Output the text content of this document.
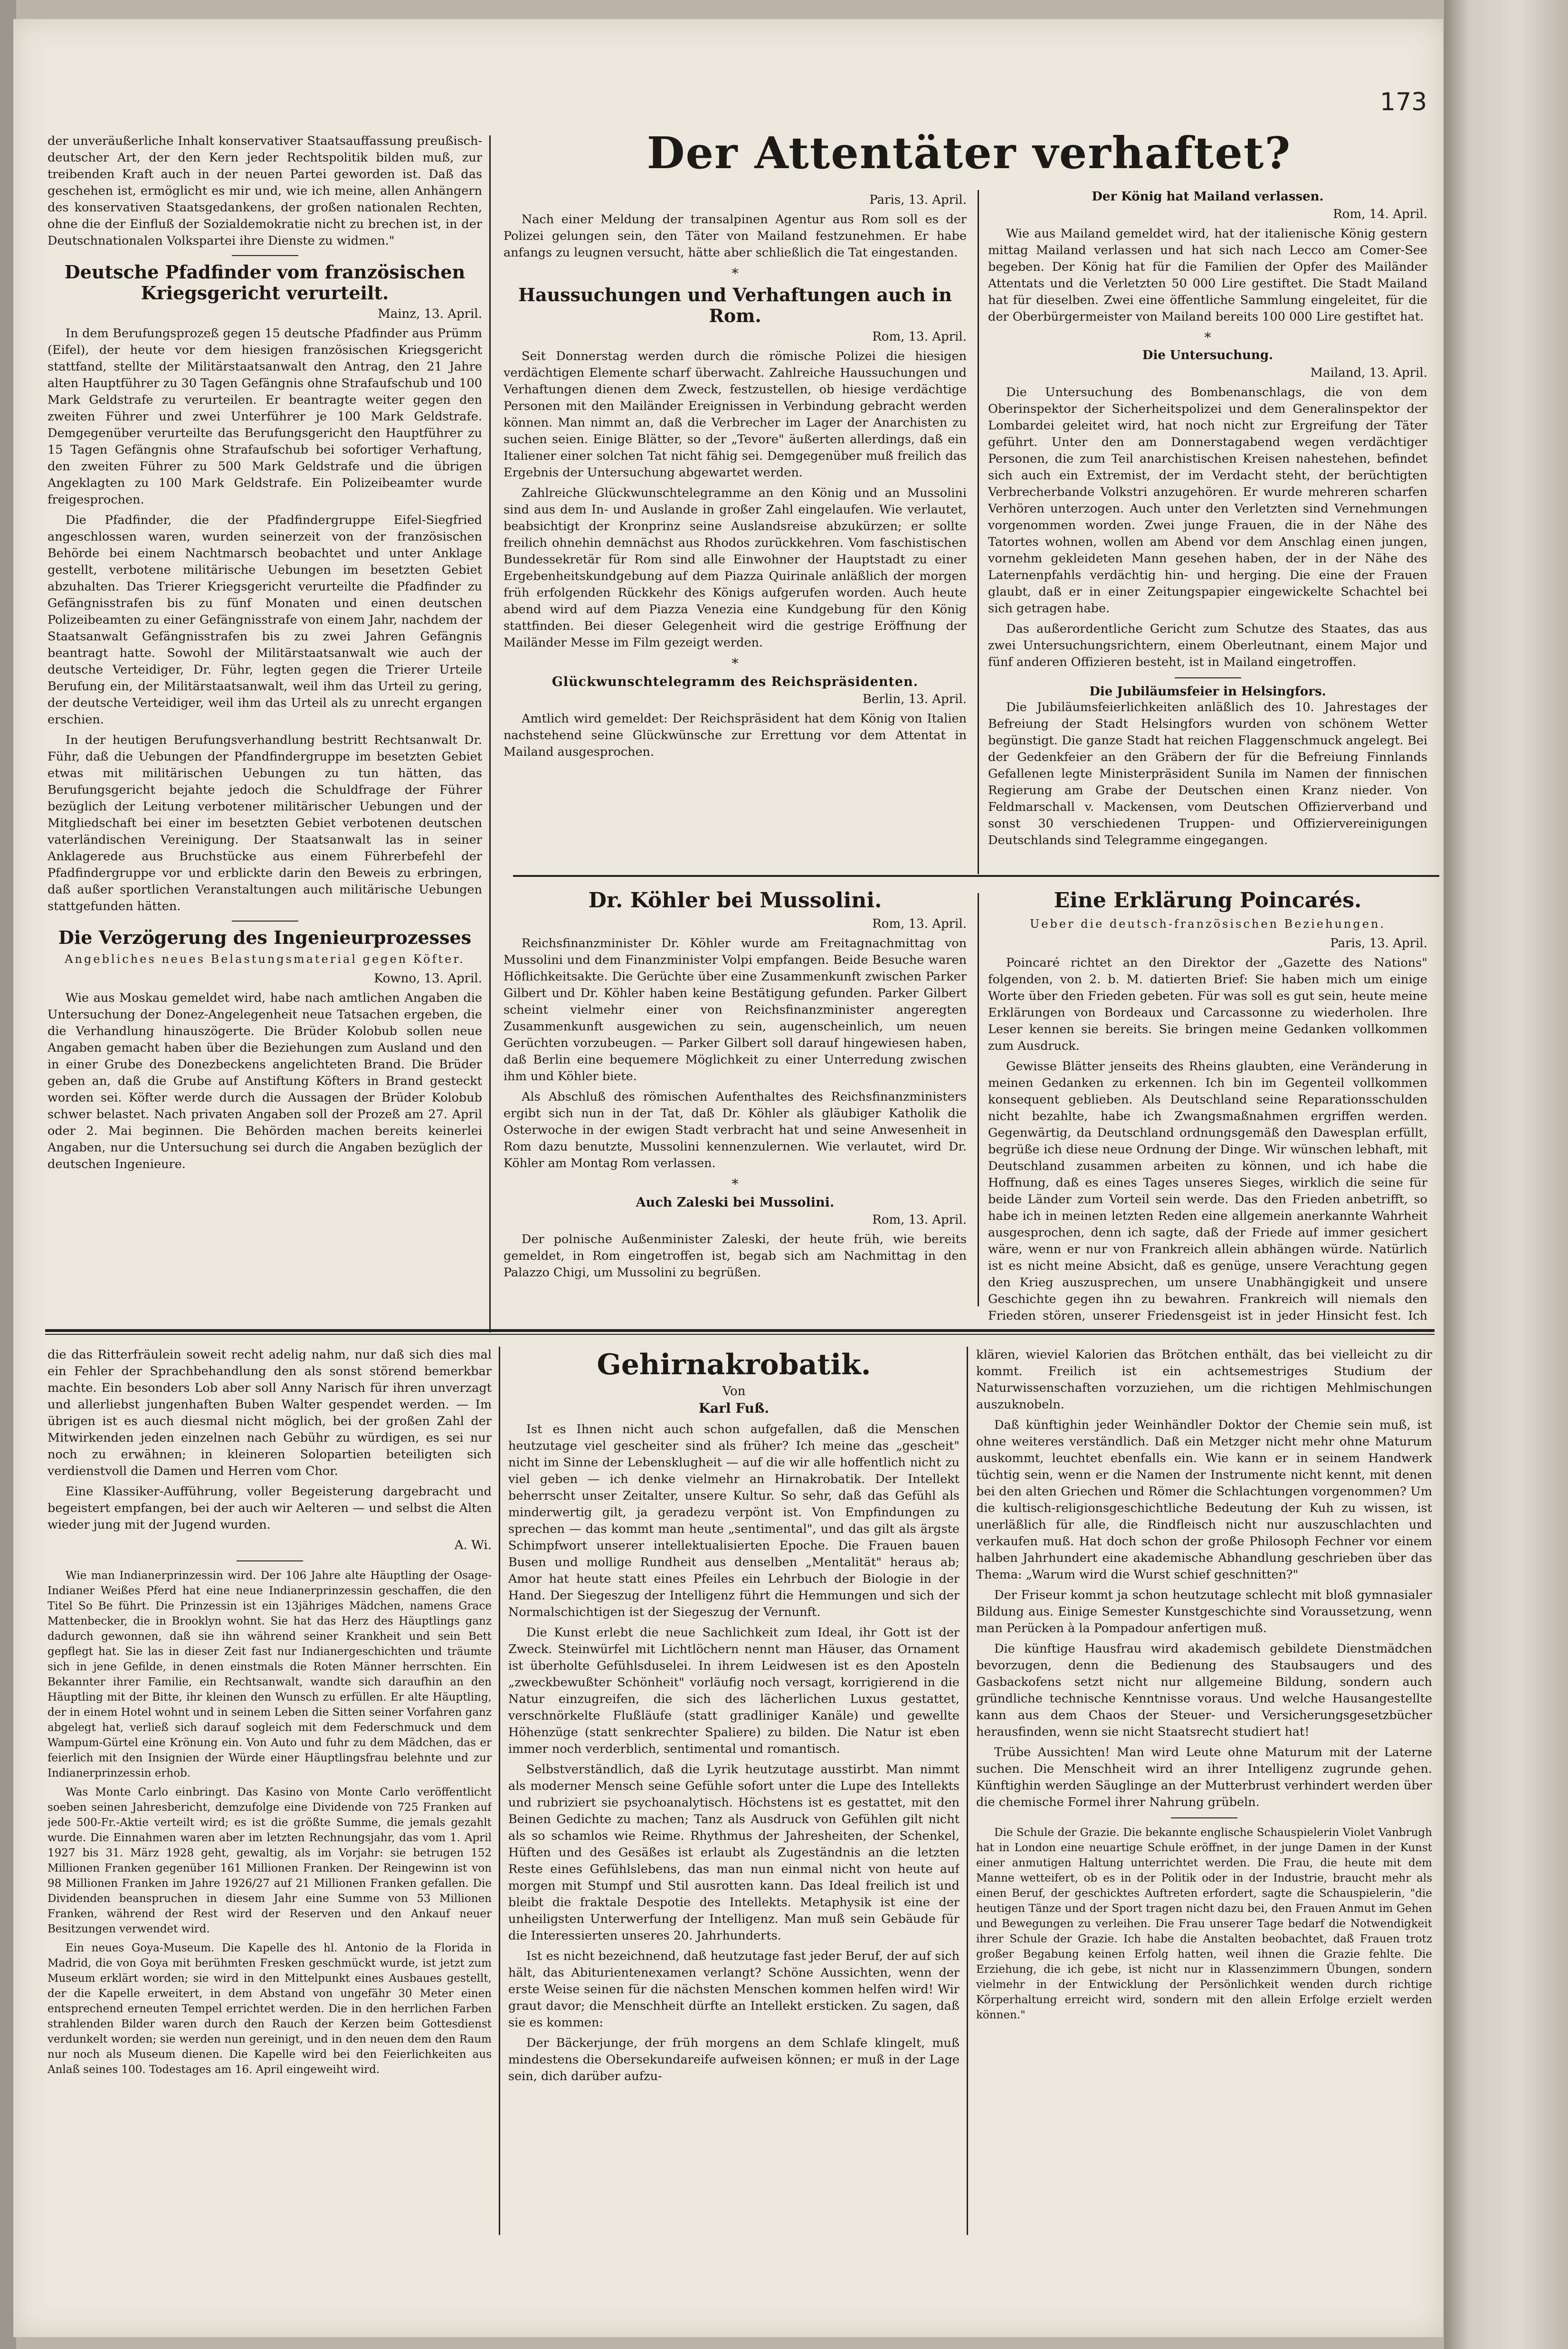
173

der unveräußerliche Inhalt konservativer Staatsauffassung preußisch-deutscher Art, der den Kern jeder Rechtspolitik bilden muß, zur treibenden Kraft auch in der neuen Partei geworden ist. Daß das geschehen ist, ermöglicht es mir und, wie ich meine, allen Anhängern des konservativen Staatsgedankens, der großen nationalen Rechten, ohne die der Einfluß der Sozialdemokratie nicht zu brechen ist, in der Deutschnationalen Volkspartei ihre Dienste zu widmen."

Deutsche Pfadfinder vom französischen Kriegsgericht verurteilt.
Mainz, 13. April.

In dem Berufungsprozeß gegen 15 deutsche Pfadfinder aus Prümm (Eifel), der heute vor dem hiesigen französischen Kriegsgericht stattfand, stellte der Militärstaatsanwalt den Antrag, den 21 Jahre alten Hauptführer zu 30 Tagen Gefängnis ohne Strafaufschub und 100 Mark Geldstrafe zu verurteilen. Er beantragte weiter gegen den zweiten Führer und zwei Unterführer je 100 Mark Geldstrafe. Demgegenüber verurteilte das Berufungsgericht den Hauptführer zu 15 Tagen Gefängnis ohne Strafaufschub bei sofortiger Verhaftung, den zweiten Führer zu 500 Mark Geldstrafe und die übrigen Angeklagten zu 100 Mark Geldstrafe. Ein Polizeibeamter wurde freigesprochen.

Die Pfadfinder, die der Pfadfindergruppe Eifel-Siegfried angeschlossen waren, wurden seinerzeit von der französischen Behörde bei einem Nachtmarsch beobachtet und unter Anklage gestellt, verbotene militärische Uebungen im besetzten Gebiet abzuhalten. Das Trierer Kriegsgericht verurteilte die Pfadfinder zu Gefängnisstrafen bis zu fünf Monaten und einen deutschen Polizeibeamten zu einer Gefängnisstrafe von einem Jahr, nachdem der Staatsanwalt Gefängnisstrafen bis zu zwei Jahren Gefängnis beantragt hatte. Sowohl der Militärstaatsanwalt wie auch der deutsche Verteidiger, Dr. Führ, legten gegen die Trierer Urteile Berufung ein, der Militärstaatsanwalt, weil ihm das Urteil zu gering, der deutsche Verteidiger, weil ihm das Urteil als zu unrecht ergangen erschien.

In der heutigen Berufungsverhandlung bestritt Rechtsanwalt Dr. Führ, daß die Uebungen der Pfandfindergruppe im besetzten Gebiet etwas mit militärischen Uebungen zu tun hätten, das Berufungsgericht bejahte jedoch die Schuldfrage der Führer bezüglich der Leitung verbotener militärischer Uebungen und der Mitgliedschaft bei einer im besetzten Gebiet verbotenen deutschen vaterländischen Vereinigung. Der Staatsanwalt las in seiner Anklagerede aus Bruchstücke aus einem Führerbefehl der Pfadfindergruppe vor und erblickte darin den Beweis zu erbringen, daß außer sportlichen Veranstaltungen auch militärische Uebungen stattgefunden hätten.

Die Verzögerung des Ingenieurprozesses
Angebliches neues Belastungsmaterial gegen Köfter.
Kowno, 13. April.

Wie aus Moskau gemeldet wird, habe nach amtlichen Angaben die Untersuchung der Donez-Angelegenheit neue Tatsachen ergeben, die die Verhandlung hinauszögerte. Die Brüder Kolobub sollen neue Angaben gemacht haben über die Beziehungen zum Ausland und den in einer Grube des Donezbeckens angelichteten Brand. Die Brüder geben an, daß die Grube auf Anstiftung Köfters in Brand gesteckt worden sei. Köfter werde durch die Aussagen der Brüder Kolobub schwer belastet. Nach privaten Angaben soll der Prozeß am 27. April oder 2. Mai beginnen. Die Behörden machen bereits keinerlei Angaben, nur die Untersuchung sei durch die Angaben bezüglich der deutschen Ingenieure.

Der Attentäter verhaftet?
Paris, 13. April.

Nach einer Meldung der transalpinen Agentur aus Rom soll es der Polizei gelungen sein, den Täter von Mailand festzunehmen. Er habe anfangs zu leugnen versucht, hätte aber schließlich die Tat eingestanden.

*
Haussuchungen und Verhaftungen auch in Rom.
Rom, 13. April.

Seit Donnerstag werden durch die römische Polizei die hiesigen verdächtigen Elemente scharf überwacht. Zahlreiche Haussuchungen und Verhaftungen dienen dem Zweck, festzustellen, ob hiesige verdächtige Personen mit den Mailänder Ereignissen in Verbindung gebracht werden können. Man nimmt an, daß die Verbrecher im Lager der Anarchisten zu suchen seien. Einige Blätter, so der „Tevore" äußerten allerdings, daß ein Italiener einer solchen Tat nicht fähig sei. Demgegenüber muß freilich das Ergebnis der Untersuchung abgewartet werden.

Zahlreiche Glückwunschtelegramme an den König und an Mussolini sind aus dem In- und Auslande in großer Zahl eingelaufen. Wie verlautet, beabsichtigt der Kronprinz seine Auslandsreise abzukürzen; er sollte freilich ohnehin demnächst aus Rhodos zurückkehren. Vom faschistischen Bundessekretär für Rom sind alle Einwohner der Hauptstadt zu einer Ergebenheitskundgebung auf dem Piazza Quirinale anläßlich der morgen früh erfolgenden Rückkehr des Königs aufgerufen worden. Auch heute abend wird auf dem Piazza Venezia eine Kundgebung für den König stattfinden. Bei dieser Gelegenheit wird die gestrige Eröffnung der Mailänder Messe im Film gezeigt werden.

*
Glückwunschtelegramm des Reichspräsidenten.
Berlin, 13. April.

Amtlich wird gemeldet: Der Reichspräsident hat dem König von Italien nachstehend seine Glückwünsche zur Errettung vor dem Attentat in Mailand ausgesprochen.

Der König hat Mailand verlassen.
Rom, 14. April.

Wie aus Mailand gemeldet wird, hat der italienische König gestern mittag Mailand verlassen und hat sich nach Lecco am Comer-See begeben. Der König hat für die Familien der Opfer des Mailänder Attentats und die Verletzten 50 000 Lire gestiftet. Die Stadt Mailand hat für dieselben. Zwei eine öffentliche Sammlung eingeleitet, für die der Oberbürgermeister von Mailand bereits 100 000 Lire gestiftet hat.

*
Die Untersuchung.
Mailand, 13. April.

Die Untersuchung des Bombenanschlags, die von dem Oberinspektor der Sicherheitspolizei und dem Generalinspektor der Lombardei geleitet wird, hat noch nicht zur Ergreifung der Täter geführt. Unter den am Donnerstagabend wegen verdächtiger Personen, die zum Teil anarchistischen Kreisen nahestehen, befindet sich auch ein Extremist, der im Verdacht steht, der berüchtigten Verbrecherbande Volkstri anzugehören. Er wurde mehreren scharfen Verhören unterzogen. Auch unter den Verletzten sind Vernehmungen vorgenommen worden. Zwei junge Frauen, die in der Nähe des Tatortes wohnen, wollen am Abend vor dem Anschlag einen jungen, vornehm gekleideten Mann gesehen haben, der in der Nähe des Laternenpfahls verdächtig hin- und herging. Die eine der Frauen glaubt, daß er in einer Zeitungspapier eingewickelte Schachtel bei sich getragen habe.

Das außerordentliche Gericht zum Schutze des Staates, das aus zwei Untersuchungsrichtern, einem Oberleutnant, einem Major und fünf anderen Offizieren besteht, ist in Mailand eingetroffen.

Die Jubiläumsfeier in Helsingfors.

Die Jubiläumsfeierlichkeiten anläßlich des 10. Jahrestages der Befreiung der Stadt Helsingfors wurden von schönem Wetter begünstigt. Die ganze Stadt hat reichen Flaggenschmuck angelegt. Bei der Gedenkfeier an den Gräbern der für die Befreiung Finnlands Gefallenen legte Ministerpräsident Sunila im Namen der finnischen Regierung am Grabe der Deutschen einen Kranz nieder. Von Feldmarschall v. Mackensen, vom Deutschen Offizierverband und sonst 30 verschiedenen Truppen- und Offiziervereinigungen Deutschlands sind Telegramme eingegangen.

Dr. Köhler bei Mussolini.
Rom, 13. April.

Reichsfinanzminister Dr. Köhler wurde am Freitagnachmittag von Mussolini und dem Finanzminister Volpi empfangen. Beide Besuche waren Höflichkeitsakte. Die Gerüchte über eine Zusammenkunft zwischen Parker Gilbert und Dr. Köhler haben keine Bestätigung gefunden. Parker Gilbert scheint vielmehr einer von Reichsfinanzminister angeregten Zusammenkunft ausgewichen zu sein, augenscheinlich, um neuen Gerüchten vorzubeugen. — Parker Gilbert soll darauf hingewiesen haben, daß Berlin eine bequemere Möglichkeit zu einer Unterredung zwischen ihm und Köhler biete.

Als Abschluß des römischen Aufenthaltes des Reichsfinanzministers ergibt sich nun in der Tat, daß Dr. Köhler als gläubiger Katholik die Osterwoche in der ewigen Stadt verbracht hat und seine Anwesenheit in Rom dazu benutzte, Mussolini kennenzulernen. Wie verlautet, wird Dr. Köhler am Montag Rom verlassen.

*
Auch Zaleski bei Mussolini.
Rom, 13. April.

Der polnische Außenminister Zaleski, der heute früh, wie bereits gemeldet, in Rom eingetroffen ist, begab sich am Nachmittag in den Palazzo Chigi, um Mussolini zu begrüßen.

Eine Erklärung Poincarés.
Ueber die deutsch-französischen Beziehungen.
Paris, 13. April.

Poincaré richtet an den Direktor der „Gazette des Nations" folgenden, von 2. b. M. datierten Brief: Sie haben mich um einige Worte über den Frieden gebeten. Für was soll es gut sein, heute meine Erklärungen von Bordeaux und Carcassonne zu wiederholen. Ihre Leser kennen sie bereits. Sie bringen meine Gedanken vollkommen zum Ausdruck.

Gewisse Blätter jenseits des Rheins glaubten, eine Veränderung in meinen Gedanken zu erkennen. Ich bin im Gegenteil vollkommen konsequent geblieben. Als Deutschland seine Reparationsschulden nicht bezahlte, habe ich Zwangsmaßnahmen ergriffen werden. Gegenwärtig, da Deutschland ordnungsgemäß den Dawesplan erfüllt, begrüße ich diese neue Ordnung der Dinge. Wir wünschen lebhaft, mit Deutschland zusammen arbeiten zu können, und ich habe die Hoffnung, daß es eines Tages unseres Sieges, wirklich die seine für beide Länder zum Vorteil sein werde. Das den Frieden anbetrifft, so habe ich in meinen letzten Reden eine allgemein anerkannte Wahrheit ausgesprochen, denn ich sagte, daß der Friede auf immer gesichert wäre, wenn er nur von Frankreich allein abhängen würde. Natürlich ist es nicht meine Absicht, daß es genüge, unsere Verachtung gegen den Krieg auszusprechen, um unsere Unabhängigkeit und unsere Geschichte gegen ihn zu bewahren. Frankreich will niemals den Frieden stören, unserer Friedensgeist ist in jeder Hinsicht fest. Ich

die das Ritterfräulein soweit recht adelig nahm, nur daß sich dies mal ein Fehler der Sprachbehandlung den als sonst störend bemerkbar machte. Ein besonders Lob aber soll Anny Narisch für ihren unverzagt und allerliebst jungenhaften Buben Walter gespendet werden. — Im übrigen ist es auch diesmal nicht möglich, bei der großen Zahl der Mitwirkenden jeden einzelnen nach Gebühr zu würdigen, es sei nur noch zu erwähnen; in kleineren Solopartien beteiligten sich verdienstvoll die Damen und Herren vom Chor.

Eine Klassiker-Aufführung, voller Begeisterung dargebracht und begeistert empfangen, bei der auch wir Aelteren — und selbst die Alten wieder jung mit der Jugend wurden.

A. Wi.

Wie man Indianerprinzessin wird. Der 106 Jahre alte Häuptling der Osage-Indianer Weißes Pferd hat eine neue Indianerprinzessin geschaffen, die den Titel So Be führt. Die Prinzessin ist ein 13jähriges Mädchen, namens Grace Mattenbecker, die in Brooklyn wohnt. Sie hat das Herz des Häuptlings ganz dadurch gewonnen, daß sie ihn während seiner Krankheit und sein Bett gepflegt hat. Sie las in dieser Zeit fast nur Indianergeschichten und träumte sich in jene Gefilde, in denen einstmals die Roten Männer herrschten. Ein Bekannter ihrer Familie, ein Rechtsanwalt, wandte sich daraufhin an den Häuptling mit der Bitte, ihr kleinen den Wunsch zu erfüllen. Er alte Häuptling, der in einem Hotel wohnt und in seinem Leben die Sitten seiner Vorfahren ganz abgelegt hat, verließ sich darauf sogleich mit dem Federschmuck und dem Wampum-Gürtel eine Krönung ein. Von Auto und fuhr zu dem Mädchen, das er feierlich mit den Insignien der Würde einer Häuptlingsfrau belehnte und zur Indianerprinzessin erhob.

Was Monte Carlo einbringt. Das Kasino von Monte Carlo veröffentlicht soeben seinen Jahresbericht, demzufolge eine Dividende von 725 Franken auf jede 500-Fr.-Aktie verteilt wird; es ist die größte Summe, die jemals gezahlt wurde. Die Einnahmen waren aber im letzten Rechnungsjahr, das vom 1. April 1927 bis 31. März 1928 geht, gewaltig, als im Vorjahr: sie betrugen 152 Millionen Franken gegenüber 161 Millionen Franken. Der Reingewinn ist von 98 Millionen Franken im Jahre 1926/27 auf 21 Millionen Franken gefallen. Die Dividenden beanspruchen in diesem Jahr eine Summe von 53 Millionen Franken, während der Rest wird der Reserven und den Ankauf neuer Besitzungen verwendet wird.

Ein neues Goya-Museum. Die Kapelle des hl. Antonio de la Florida in Madrid, die von Goya mit berühmten Fresken geschmückt wurde, ist jetzt zum Museum erklärt worden; sie wird in den Mittelpunkt eines Ausbaues gestellt, der die Kapelle erweitert, in dem Abstand von ungefähr 30 Meter einen entsprechend erneuten Tempel errichtet werden. Die in den herrlichen Farben strahlenden Bilder waren durch den Rauch der Kerzen beim Gottesdienst verdunkelt worden; sie werden nun gereinigt, und in den neuen dem den Raum nur noch als Museum dienen. Die Kapelle wird bei den Feierlichkeiten aus Anlaß seines 100. Todestages am 16. April eingeweiht wird.

Gehirnakrobatik.
Von
Karl Fuß.

Ist es Ihnen nicht auch schon aufgefallen, daß die Menschen heutzutage viel gescheiter sind als früher? Ich meine das „gescheit" nicht im Sinne der Lebensklugheit — auf die wir alle hoffentlich nicht zu viel geben — ich denke vielmehr an Hirnakrobatik. Der Intellekt beherrscht unser Zeitalter, unsere Kultur. So sehr, daß das Gefühl als minderwertig gilt, ja geradezu verpönt ist. Von Empfindungen zu sprechen — das kommt man heute „sentimental", und das gilt als ärgste Schimpfwort unserer intellektualisierten Epoche. Die Frauen bauen Busen und mollige Rundheit aus denselben „Mentalität" heraus ab; Amor hat heute statt eines Pfeiles ein Lehrbuch der Biologie in der Hand. Der Siegeszug der Intelligenz führt die Hemmungen und sich der Normalschichtigen ist der Siegeszug der Vernunft.

Die Kunst erlebt die neue Sachlichkeit zum Ideal, ihr Gott ist der Zweck. Steinwürfel mit Lichtlöchern nennt man Häuser, das Ornament ist überholte Gefühlsduselei. In ihrem Leidwesen ist es den Aposteln „zweckbewußter Schönheit" vorläufig noch versagt, korrigierend in die Natur einzugreifen, die sich des lächerlichen Luxus gestattet, verschnörkelte Flußläufe (statt gradliniger Kanäle) und gewellte Höhenzüge (statt senkrechter Spaliere) zu bilden. Die Natur ist eben immer noch verderblich, sentimental und romantisch.

Selbstverständlich, daß die Lyrik heutzutage ausstirbt. Man nimmt als moderner Mensch seine Gefühle sofort unter die Lupe des Intellekts und rubriziert sie psychoanalytisch. Höchstens ist es gestattet, mit den Beinen Gedichte zu machen; Tanz als Ausdruck von Gefühlen gilt nicht als so schamlos wie Reime. Rhythmus der Jahresheiten, der Schenkel, Hüften und des Gesäßes ist erlaubt als Zugeständnis an die letzten Reste eines Gefühlslebens, das man nun einmal nicht von heute auf morgen mit Stumpf und Stil ausrotten kann. Das Ideal freilich ist und bleibt die fraktale Despotie des Intellekts. Metaphysik ist eine der unheiligsten Unterwerfung der Intelligenz. Man muß sein Gebäude für die Interessierten unseres 20. Jahrhunderts.

Ist es nicht bezeichnend, daß heutzutage fast jeder Beruf, der auf sich hält, das Abiturientenexamen verlangt? Schöne Aussichten, wenn der erste Weise seinen für die nächsten Menschen kommen helfen wird! Wir graut davor; die Menschheit dürfte an Intellekt ersticken. Zu sagen, daß sie es kommen:

Der Bäckerjunge, der früh morgens an dem Schlafe klingelt, muß mindestens die Obersekundareife aufweisen können; er muß in der Lage sein, dich darüber aufzu-

klären, wieviel Kalorien das Brötchen enthält, das bei vielleicht zu dir kommt. Freilich ist ein achtsemestriges Studium der Naturwissenschaften vorzuziehen, um die richtigen Mehlmischungen auszuknobeln.

Daß künftighin jeder Weinhändler Doktor der Chemie sein muß, ist ohne weiteres verständlich. Daß ein Metzger nicht mehr ohne Maturum auskommt, leuchtet ebenfalls ein. Wie kann er in seinem Handwerk tüchtig sein, wenn er die Namen der Instrumente nicht kennt, mit denen bei den alten Griechen und Römer die Schlachtungen vorgenommen? Um die kultisch-religionsgeschichtliche Bedeutung der Kuh zu wissen, ist unerläßlich für alle, die Rindfleisch nicht nur auszuschlachten und verkaufen muß. Hat doch schon der große Philosoph Fechner vor einem halben Jahrhundert eine akademische Abhandlung geschrieben über das Thema: „Warum wird die Wurst schief geschnitten?"

Der Friseur kommt ja schon heutzutage schlecht mit bloß gymnasialer Bildung aus. Einige Semester Kunstgeschichte sind Voraussetzung, wenn man Perücken à la Pompadour anfertigen muß.

Die künftige Hausfrau wird akademisch gebildete Dienstmädchen bevorzugen, denn die Bedienung des Staubsaugers und des Gasbackofens setzt nicht nur allgemeine Bildung, sondern auch gründliche technische Kenntnisse voraus. Und welche Hausangestellte kann aus dem Chaos der Steuer- und Versicherungsgesetzbücher herausfinden, wenn sie nicht Staatsrecht studiert hat!

Trübe Aussichten! Man wird Leute ohne Maturum mit der Laterne suchen. Die Menschheit wird an ihrer Intelligenz zugrunde gehen. Künftighin werden Säuglinge an der Mutterbrust verhindert werden über die chemische Formel ihrer Nahrung grübeln.

Die Schule der Grazie. Die bekannte englische Schauspielerin Violet Vanbrugh hat in London eine neuartige Schule eröffnet, in der junge Damen in der Kunst einer anmutigen Haltung unterrichtet werden. Die Frau, die heute mit dem Manne wetteifert, ob es in der Politik oder in der Industrie, braucht mehr als einen Beruf, der geschicktes Auftreten erfordert, sagte die Schauspielerin, "die heutigen Tänze und der Sport tragen nicht dazu bei, den Frauen Anmut im Gehen und Bewegungen zu verleihen. Die Frau unserer Tage bedarf die Notwendigkeit ihrer Schule der Grazie. Ich habe die Anstalten beobachtet, daß Frauen trotz großer Begabung keinen Erfolg hatten, weil ihnen die Grazie fehlte. Die Erziehung, die ich gebe, ist nicht nur in Klassenzimmern Übungen, sondern vielmehr in der Entwicklung der Persönlichkeit wenden durch richtige Körperhaltung erreicht wird, sondern mit den allein Erfolge erzielt werden können."
